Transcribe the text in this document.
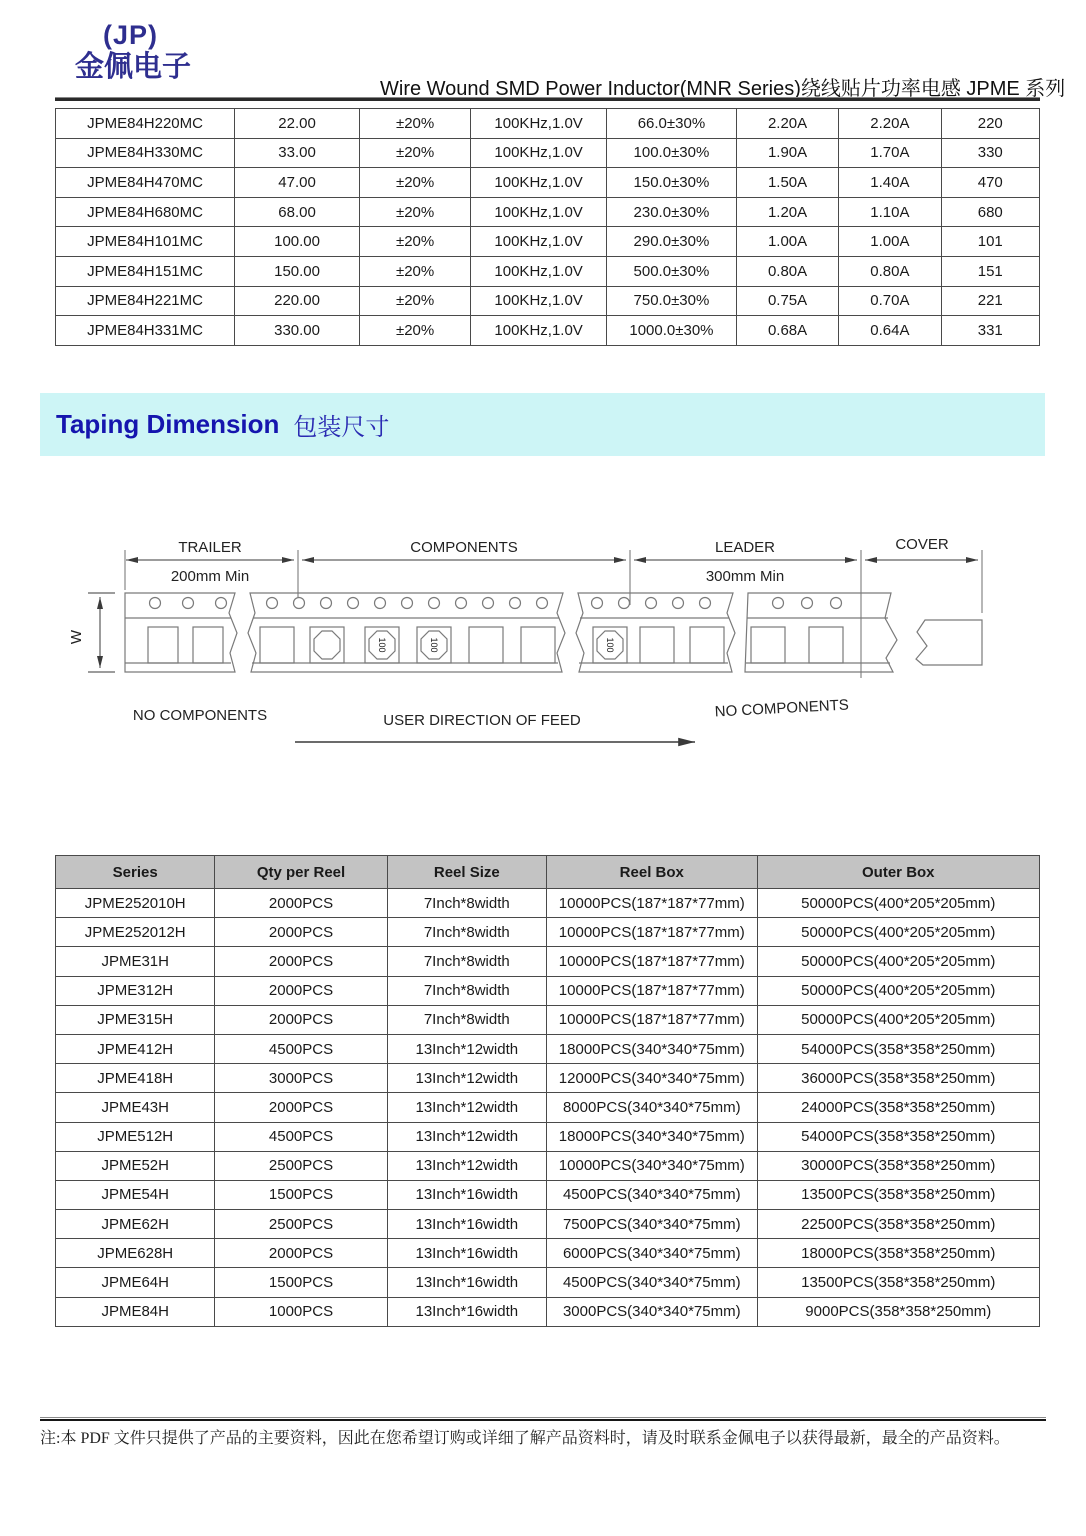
(JP)
金佩电子
Wire Wound SMD Power Inductor(MNR Series)绕线贴片功率电感 JPME 系列
JPME84H220MC	22.00	±20%	100KHz,1.0V	66.0±30%	2.20A	2.20A	220
JPME84H330MC	33.00	±20%	100KHz,1.0V	100.0±30%	1.90A	1.70A	330
JPME84H470MC	47.00	±20%	100KHz,1.0V	150.0±30%	1.50A	1.40A	470
JPME84H680MC	68.00	±20%	100KHz,1.0V	230.0±30%	1.20A	1.10A	680
JPME84H101MC	100.00	±20%	100KHz,1.0V	290.0±30%	1.00A	1.00A	101
JPME84H151MC	150.00	±20%	100KHz,1.0V	500.0±30%	0.80A	0.80A	151
JPME84H221MC	220.00	±20%	100KHz,1.0V	750.0±30%	0.75A	0.70A	221
JPME84H331MC	330.00	±20%	100KHz,1.0V	1000.0±30%	0.68A	0.64A	331
Taping Dimension 包装尺寸
W
TRAILER
200mm Min
COMPONENTS	LEADER
300mm Min
COVER
100	100	100
NO COMPONENTS	USER DIRECTION OF FEED	NO COMPONENTS
Series	Qty per Reel	Reel Size	Reel Box	Outer Box
JPME252010H	2000PCS	7Inch*8width	10000PCS(187*187*77mm)	50000PCS(400*205*205mm)
JPME252012H	2000PCS	7Inch*8width	10000PCS(187*187*77mm)	50000PCS(400*205*205mm)
JPME31H	2000PCS	7Inch*8width	10000PCS(187*187*77mm)	50000PCS(400*205*205mm)
JPME312H	2000PCS	7Inch*8width	10000PCS(187*187*77mm)	50000PCS(400*205*205mm)
JPME315H	2000PCS	7Inch*8width	10000PCS(187*187*77mm)	50000PCS(400*205*205mm)
JPME412H	4500PCS	13Inch*12width	18000PCS(340*340*75mm)	54000PCS(358*358*250mm)
JPME418H	3000PCS	13Inch*12width	12000PCS(340*340*75mm)	36000PCS(358*358*250mm)
JPME43H	2000PCS	13Inch*12width	8000PCS(340*340*75mm)	24000PCS(358*358*250mm)
JPME512H	4500PCS	13Inch*12width	18000PCS(340*340*75mm)	54000PCS(358*358*250mm)
JPME52H	2500PCS	13Inch*12width	10000PCS(340*340*75mm)	30000PCS(358*358*250mm)
JPME54H	1500PCS	13Inch*16width	4500PCS(340*340*75mm)	13500PCS(358*358*250mm)
JPME62H	2500PCS	13Inch*16width	7500PCS(340*340*75mm)	22500PCS(358*358*250mm)
JPME628H	2000PCS	13Inch*16width	6000PCS(340*340*75mm)	18000PCS(358*358*250mm)
JPME64H	1500PCS	13Inch*16width	4500PCS(340*340*75mm)	13500PCS(358*358*250mm)
JPME84H	1000PCS	13Inch*16width	3000PCS(340*340*75mm)	9000PCS(358*358*250mm)
注:本 PDF 文件只提供了产品的主要资料，因此在您希望订购或详细了解产品资料时，请及时联系金佩电子以获得最新，最全的产品资料。
